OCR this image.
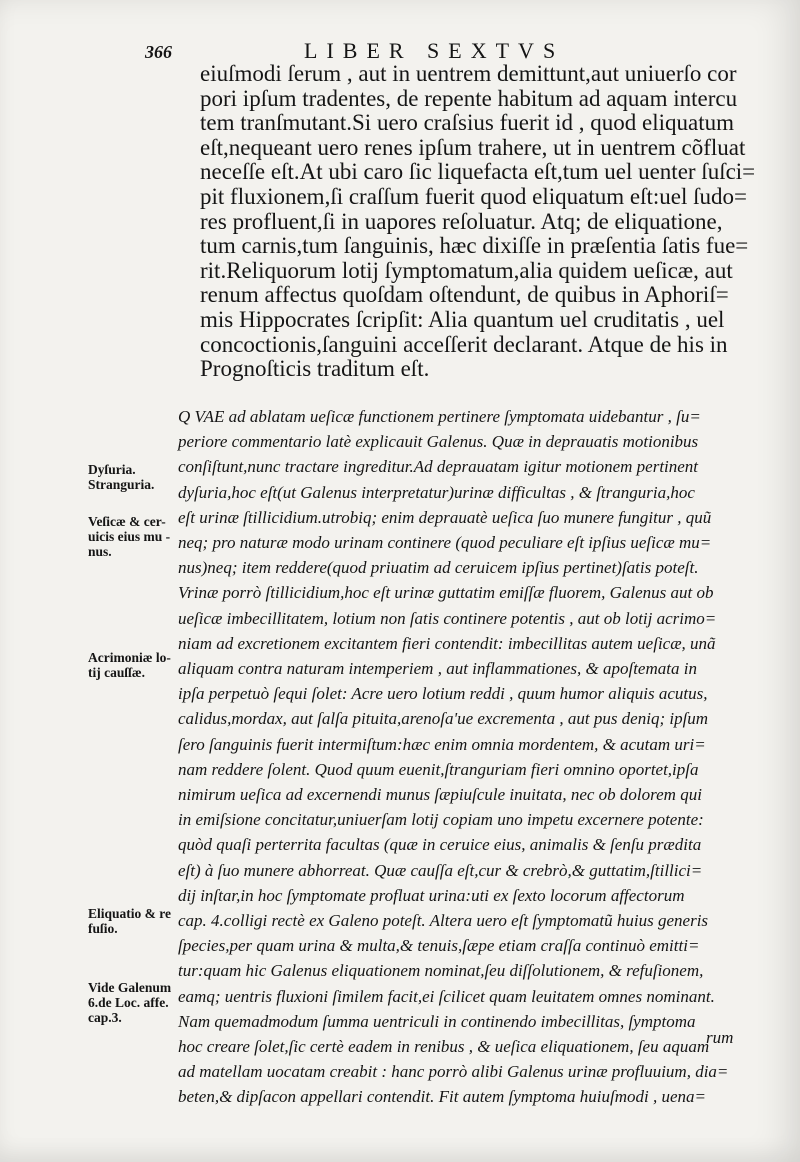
366	LIBER SEXTVS
eiuſmodi ſerum , aut in uentrem demittunt,aut uniuerſo cor
pori ipſum tradentes, de repente habitum ad aquam intercu
tem tranſmutant.Si uero craſsius fuerit id , quod eliquatum
eſt,nequeant uero renes ipſum trahere, ut in uentrem cõfluat
neceſſe eſt.At ubi caro ſic liquefacta eſt,tum uel uenter ſuſci=
pit fluxionem,ſi craſſum fuerit quod eliquatum eſt:uel ſudo=
res profluent,ſi in uapores reſoluatur. Atq; de eliquatione,
tum carnis,tum ſanguinis, hæc dixiſſe in præſentia ſatis fue=
rit.Reliquorum lotij ſymptomatum,alia quidem ueſicæ, aut
renum affectus quoſdam oſtendunt, de quibus in Aphoriſ=
mis Hippocrates ſcripſit: Alia quantum uel cruditatis , uel
concoctionis,ſanguini acceſſerit declarant. Atque de his in
Prognoſticis traditum eſt.
Q VAE ad ablatam ueſicæ functionem pertinere ſymptomata uidebantur , ſu=
periore commentario latè explicauit Galenus. Quæ in deprauatis motionibus
conſiſtunt,nunc tractare ingreditur.Ad deprauatam igitur motionem pertinent
dyſuria,hoc eſt(ut Galenus interpretatur)urinæ difficultas , & ſtranguria,hoc
eſt urinæ ſtillicidium.utrobiq; enim deprauatè ueſica ſuo munere fungitur , quũ
neq; pro naturæ modo urinam continere (quod peculiare eſt ipſius ueſicæ mu=
nus)neq; item reddere(quod priuatim ad ceruicem ipſius pertinet)ſatis poteſt.
Vrinæ porrò ſtillicidium,hoc eſt urinæ guttatim emiſſæ fluorem, Galenus aut ob
ueſicæ imbecillitatem, lotium non ſatis continere potentis , aut ob lotij acrimo=
niam ad excretionem excitantem fieri contendit: imbecillitas autem ueſicæ, unã
aliquam contra naturam intemperiem , aut inflammationes, & apoſtemata in
ipſa perpetuò ſequi ſolet: Acre uero lotium reddi , quum humor aliquis acutus,
calidus,mordax, aut ſalſa pituita,arenoſa'ue excrementa , aut pus deniq; ipſum
ſero ſanguinis fuerit intermiſtum:hæc enim omnia mordentem, & acutam uri=
nam reddere ſolent. Quod quum euenit,ſtranguriam fieri omnino oportet,ipſa
nimirum ueſica ad excernendi munus ſæpiuſcule inuitata, nec ob dolorem qui
in emiſsione concitatur,uniuerſam lotij copiam uno impetu excernere potente:
quòd quaſi perterrita facultas (quæ in ceruice eius, animalis & ſenſu prædita
eſt) à ſuo munere abhorreat. Quæ cauſſa eſt,cur & crebrò,& guttatim,ſtillici=
dij inſtar,in hoc ſymptomate profluat urina:uti ex ſexto locorum affectorum
cap. 4.colligi rectè ex Galeno poteſt. Altera uero eſt ſymptomatũ huius generis
ſpecies,per quam urina & multa,& tenuis,ſæpe etiam craſſa continuò emitti=
tur:quam hic Galenus eliquationem nominat,ſeu diſſolutionem, & refuſionem,
eamq; uentris fluxioni ſimilem facit,ei ſcilicet quam leuitatem omnes nominant.
Nam quemadmodum ſumma uentriculi in continendo imbecillitas, ſymptoma
hoc creare ſolet,ſic certè eadem in renibus , & ueſica eliquationem, ſeu aquam
ad matellam uocatam creabit : hanc porrò alibi Galenus urinæ profluuium, dia=
beten,& dipſacon appellari contendit. Fit autem ſymptoma huiuſmodi , uena=
rum
Dyſuria. Stranguria.
Veſicæ & cer- uicis eius mu - nus.
Acrimoniæ lo- tij cauſſæ.
Eliquatio & re fuſio.
Vide Galenum 6.de Loc. affe. cap.3.
